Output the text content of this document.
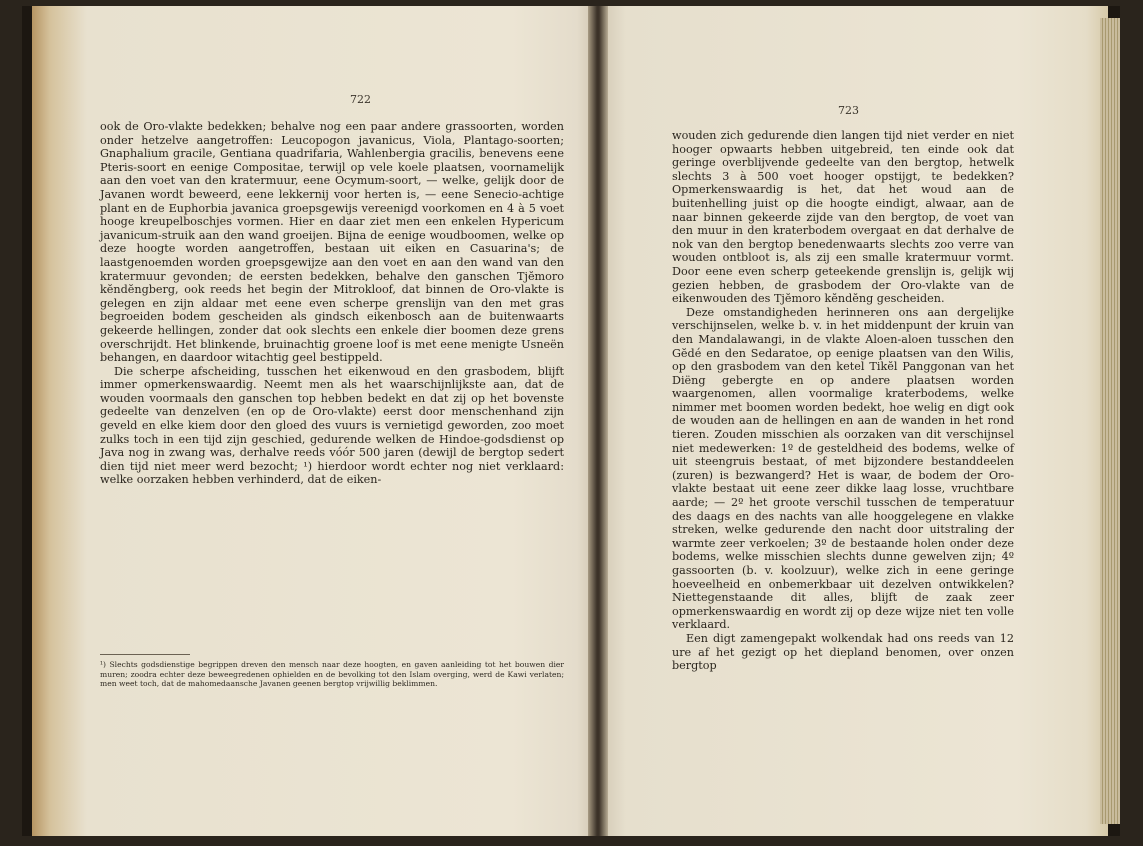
722

ook de Oro-vlakte bedekken; behalve nog een paar andere grassoorten, worden onder hetzelve aangetroffen: Leucopogon javanicus, Viola, Plantago-soorten; Gnaphalium gracile, Gentiana quadrifaria, Wahlenbergia gracilis, benevens eene Pteris-soort en eenige Compositae, terwijl op vele koele plaatsen, voornamelijk aan den voet van den kratermuur, eene Ocymum-soort, — welke, gelijk door de Javanen wordt beweerd, eene lekkernij voor herten is, — eene Senecio-achtige plant en de Euphorbia javanica groepsgewijs vereenigd voorkomen en 4 à 5 voet hooge kreupelboschjes vormen. Hier en daar ziet men een enkelen Hypericum javanicum-struik aan den wand groeijen. Bijna de eenige woudboomen, welke op deze hoogte worden aangetroffen, bestaan uit eiken en Casuarina's; de laastgenoemden worden groepsgewijze aan den voet en aan den wand van den kratermuur gevonden; de eersten bedekken, behalve den ganschen Tjĕmoro kĕndĕngberg, ook reeds het begin der Mitrokloof, dat binnen de Oro-vlakte is gelegen en zijn aldaar met eene even scherpe grenslijn van den met gras begroeiden bodem gescheiden als gindsch eikenbosch aan de buitenwaarts gekeerde hellingen, zonder dat ook slechts een enkele dier boomen deze grens overschrijdt. Het blinkende, bruinachtig groene loof is met eene menigte Usneën behangen, en daardoor witachtig geel bestippeld.

Die scherpe afscheiding, tusschen het eikenwoud en den grasbodem, blijft immer opmerkenswaardig. Neemt men als het waarschijnlijkste aan, dat de wouden voormaals den ganschen top hebben bedekt en dat zij op het bovenste gedeelte van denzelven (en op de Oro-vlakte) eerst door menschenhand zijn geveld en elke kiem door den gloed des vuurs is vernietigd geworden, zoo moet zulks toch in een tijd zijn geschied, gedurende welken de Hindoe-godsdienst op Java nog in zwang was, derhalve reeds vóór 500 jaren (dewijl de bergtop sedert dien tijd niet meer werd bezocht; ¹) hierdoor wordt echter nog niet verklaard: welke oorzaken hebben verhinderd, dat de eiken-

¹) Slechts godsdienstige begrippen dreven den mensch naar deze hoogten, en gaven aanleiding tot het bouwen dier muren; zoodra echter deze beweegredenen ophielden en de bevolking tot den Islam overging, werd de Kawi verlaten; men weet toch, dat de mahomedaansche Javanen geenen bergtop vrijwillig beklimmen.
723

wouden zich gedurende dien langen tijd niet verder en niet hooger opwaarts hebben uitgebreid, ten einde ook dat geringe overblijvende gedeelte van den bergtop, hetwelk slechts 3 à 500 voet hooger opstijgt, te bedekken? Opmerkenswaardig is het, dat het woud aan de buitenhelling juist op die hoogte eindigt, alwaar, aan de naar binnen gekeerde zijde van den bergtop, de voet van den muur in den kraterbodem overgaat en dat derhalve de nok van den bergtop benedenwaarts slechts zoo verre van wouden ontbloot is, als zij een smalle kratermuur vormt. Door eene even scherp geteekende grenslijn is, gelijk wij gezien hebben, de grasbodem der Oro-vlakte van de eikenwouden des Tjĕmoro kĕndĕng gescheiden.

Deze omstandigheden herinneren ons aan dergelijke verschijnselen, welke b. v. in het middenpunt der kruin van den Mandalawangi, in de vlakte Aloen-aloen tusschen den Gĕdé en den Sedaratoe, op eenige plaatsen van den Wilis, op den grasbodem van den ketel Tikĕl Panggonan van het Diëng gebergte en op andere plaatsen worden waargenomen, allen voormalige kraterbodems, welke nimmer met boomen worden bedekt, hoe welig en digt ook de wouden aan de hellingen en aan de wanden in het rond tieren. Zouden misschien als oorzaken van dit verschijnsel niet medewerken: 1º de gesteldheid des bodems, welke of uit steengruis bestaat, of met bijzondere bestanddeelen (zuren) is bezwangerd? Het is waar, de bodem der Oro-vlakte bestaat uit eene zeer dikke laag losse, vruchtbare aarde; — 2º het groote verschil tusschen de temperatuur des daags en des nachts van alle hooggelegene en vlakke streken, welke gedurende den nacht door uitstraling der warmte zeer verkoelen; 3º de bestaande holen onder deze bodems, welke misschien slechts dunne gewelven zijn; 4º gassoorten (b. v. koolzuur), welke zich in eene geringe hoeveelheid en onbemerkbaar uit dezelven ontwikkelen? Niettegenstaande dit alles, blijft de zaak zeer opmerkenswaardig en wordt zij op deze wijze niet ten volle verklaard.

Een digt zamengepakt wolkendak had ons reeds van 12 ure af het gezigt op het diepland benomen, over onzen bergtop
